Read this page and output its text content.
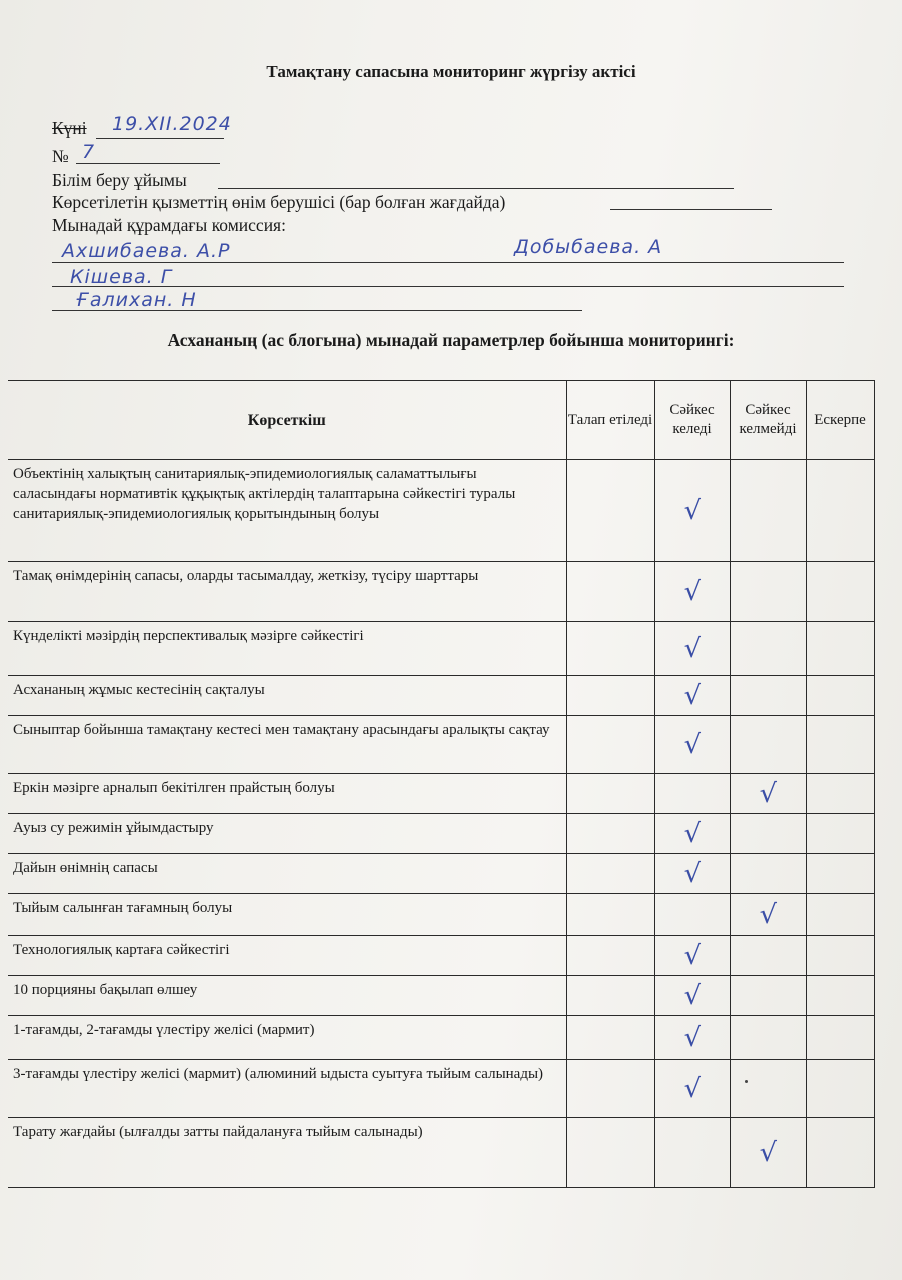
Тамақтану сапасына мониторинг жүргізу актісі
Күні 19.XII.2024
№ 7
Білім беру ұйымы
Көрсетілетін қызметтің өнім берушісі (бар болған жағдайда)
Мынадай құрамдағы комиссия:
Ахшибаева. А.Р	Добыбаева. А
Кішева. Г
Ғалихан. Н
Асхананың (ас блогына) мынадай параметрлер бойынша мониторингі:
Көрсеткіш	Талап етіледі	Сәйкес келеді	Сәйкес келмейді	Ескерпе
Объектінің халықтың санитариялық-эпидемиологиялық саламаттылығы саласындағы нормативтік құқықтық актілердің талаптарына сәйкестігі туралы санитариялық-эпидемиологиялық қорытындының болуы		√		
Тамақ өнімдерінің сапасы, оларды тасымалдау, жеткізу, түсіру шарттары		√		
Күнделікті мәзірдің перспективалық мәзірге сәйкестігі		√		
Асхананың жұмыс кестесінің сақталуы		√		
Сыныптар бойынша тамақтану кестесі мен тамақтану арасындағы аралықты сақтау		√		
Еркін мәзірге арналып бекітілген прайстың болуы			√	
Ауыз су режимін ұйымдастыру		√		
Дайын өнімнің сапасы		√		
Тыйым салынған тағамның болуы			√	
Технологиялық картаға сәйкестігі		√		
10 порцияны бақылап өлшеу		√		
1-тағамды, 2-тағамды үлестіру желісі (мармит)		√		
3-тағамды үлестіру желісі (мармит) (алюминий ыдыста суытуға тыйым салынады)		√		
Тарату жағдайы (ылғалды затты пайдалануға тыйым салынады)			√	
